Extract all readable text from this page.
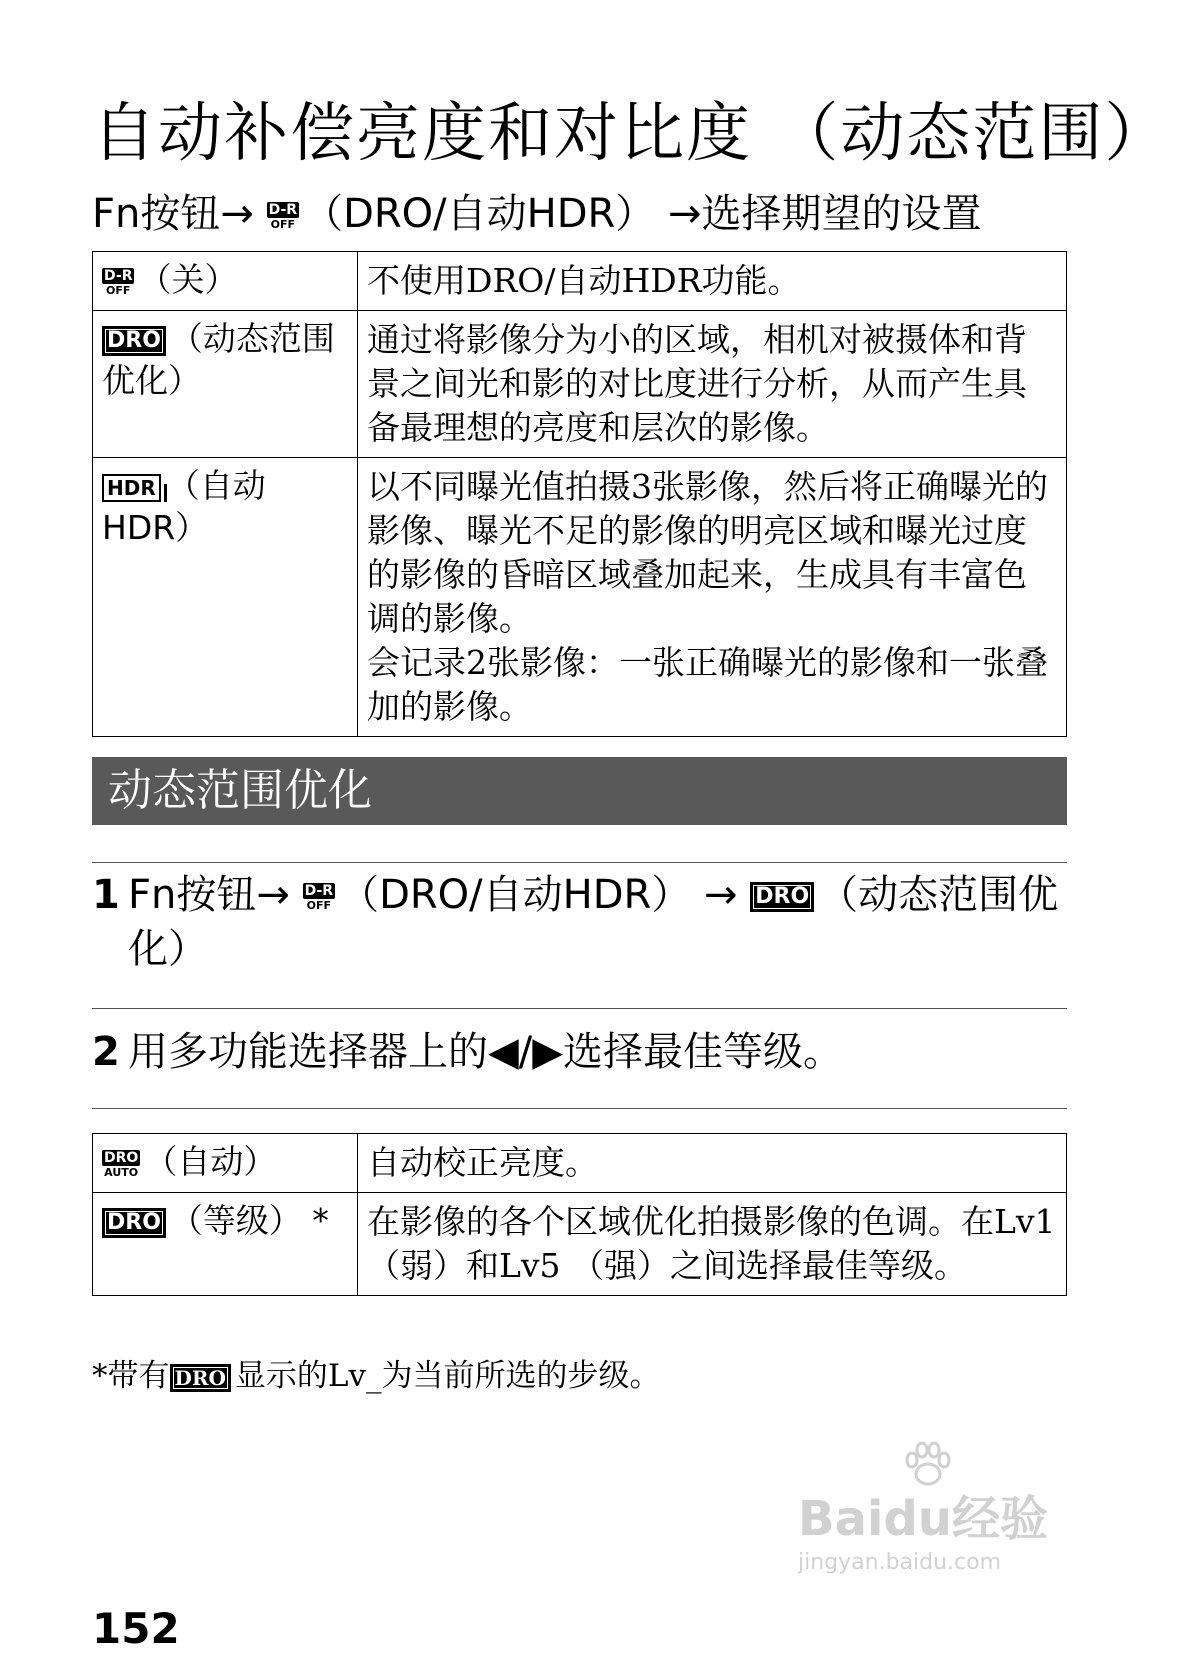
自动补偿亮度和对比度 （动态范围）
Fn按钮→ D-R
OFF （DRO/自动HDR） →选择期望的设置
D-R
OFF （关）	不使用DRO/自动HDR功能。
DRO （动态范围优化）	通过将影像分为小的区域，相机对被摄体和背景之间光和影的对比度进行分析，从而产生具备最理想的亮度和层次的影像。
HDR （自动HDR）	以不同曝光值拍摄3张影像，然后将正确曝光的影像、曝光不足的影像的明亮区域和曝光过度的影像的昏暗区域叠加起来，生成具有丰富色调的影像。
会记录2张影像：一张正确曝光的影像和一张叠加的影像。
动态范围优化
1 Fn按钮→ D-R
OFF （DRO/自动HDR） → DRO （动态范围优化）
2 用多功能选择器上的◀/▶选择最佳等级。
DRO
AUTO （自动）	自动校正亮度。
DRO （等级） *	在影像的各个区域优化拍摄影像的色调。在Lv1 （弱）和Lv5 （强）之间选择最佳等级。
*带有 DRO 显示的Lv_为当前所选的步级。
152
Baidu经验
jingyan.baidu.com
